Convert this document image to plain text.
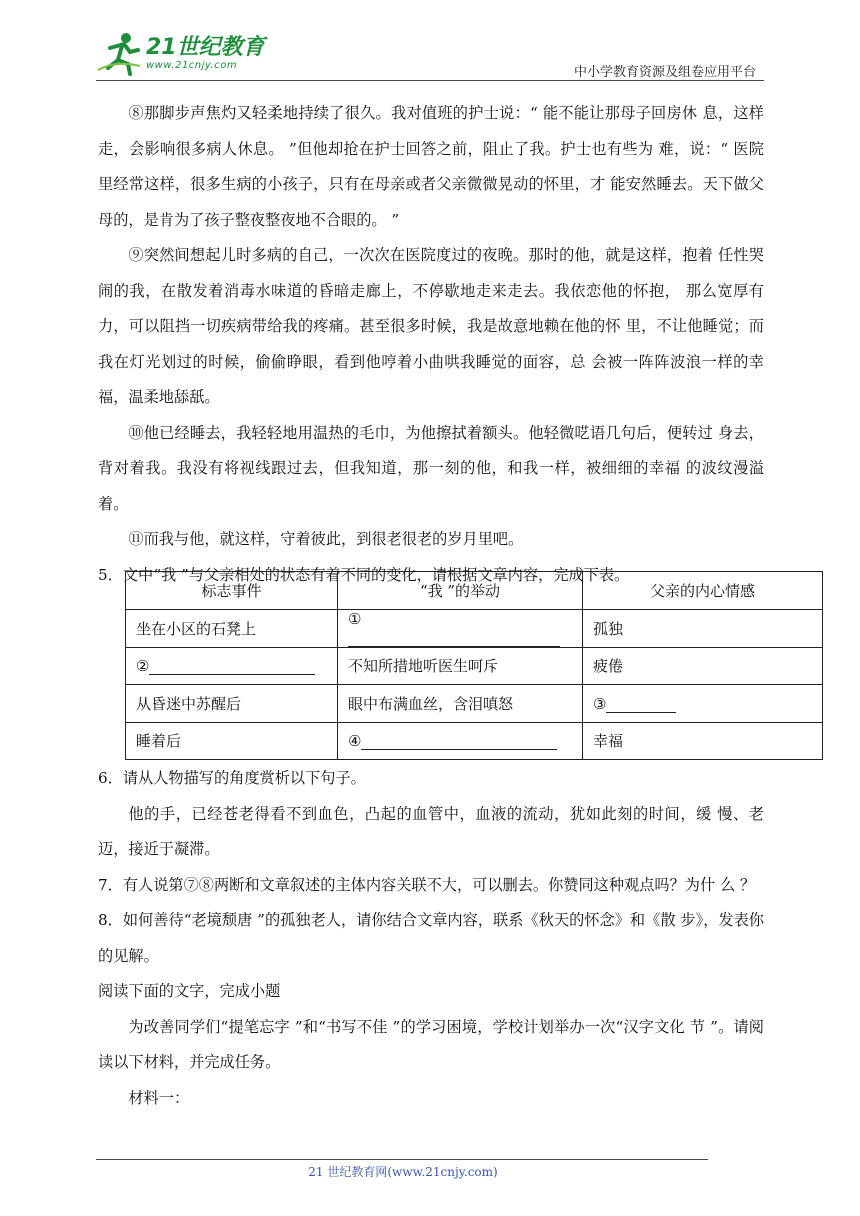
21世纪教育
www.21cnjy.com	中小学教育资源及组卷应用平台

⑧那脚步声焦灼又轻柔地持续了很久。我对值班的护士说：“ 能不能让那母子回房休 息，这样走，会影响很多病人休息。 ”但他却抢在护士回答之前，阻止了我。护士也有些为 难，说：“ 医院里经常这样，很多生病的小孩子，只有在母亲或者父亲微微晃动的怀里，才 能安然睡去。天下做父母的，是肯为了孩子整夜整夜地不合眼的。 ”

⑨突然间想起儿时多病的自己，一次次在医院度过的夜晚。那时的他，就是这样，抱着 任性哭闹的我，在散发着消毒水味道的昏暗走廊上，不停歇地走来走去。我依恋他的怀抱， 那么宽厚有力，可以阻挡一切疾病带给我的疼痛。甚至很多时候，我是故意地赖在他的怀 里，不让他睡觉；而我在灯光划过的时候，偷偷睁眼，看到他哼着小曲哄我睡觉的面容，总 会被一阵阵波浪一样的幸福，温柔地舔舐。

⑩他已经睡去，我轻轻地用温热的毛巾，为他擦拭着额头。他轻微呓语几句后，便转过 身去，背对着我。我没有将视线跟过去，但我知道，那一刻的他，和我一样，被细细的幸福 的波纹漫溢着。

⑪而我与他，就这样，守着彼此，到很老很老的岁月里吧。

5．文中“我 ”与父亲相处的状态有着不同的变化，请根据文章内容，完成下表。

标志事件	“我 ”的举动	父亲的内心情感
坐在小区的石凳上	①	孤独
②	不知所措地听医生呵斥	疲倦
从昏迷中苏醒后	眼中布满血丝，含泪嗔怒	③
睡着后	④	幸福

6．请从人物描写的角度赏析以下句子。

他的手，已经苍老得看不到血色，凸起的血管中，血液的流动，犹如此刻的时间，缓 慢、老迈，接近于凝滞。

7．有人说第⑦⑧两断和文章叙述的主体内容关联不大，可以删去。你赞同这种观点吗？为什 么 ？

8．如何善待“老境颓唐 ”的孤独老人，请你结合文章内容，联系《秋天的怀念》和《散 步》，发表你的见解。

阅读下面的文字，完成小题

为改善同学们“提笔忘字 ”和“书写不佳 ”的学习困境，学校计划举办一次“汉字文化 节 ”。请阅读以下材料，并完成任务。

材料一：

21 世纪教育网(www.21cnjy.com)
